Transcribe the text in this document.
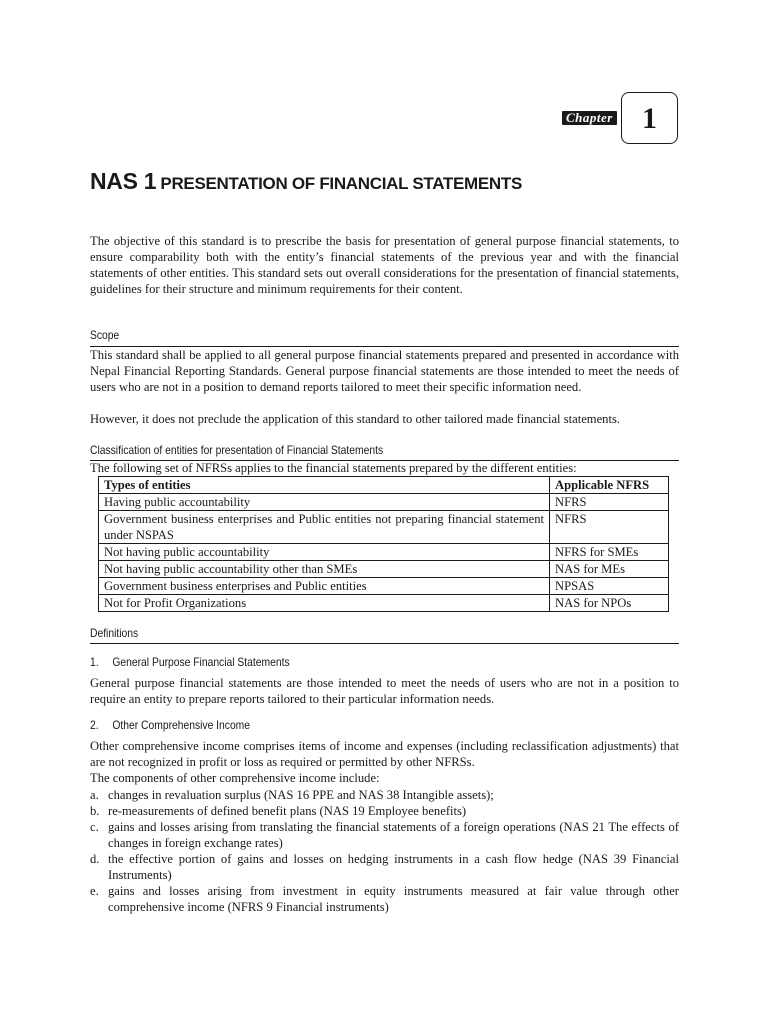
Chapter 1
NAS 1 PRESENTATION OF FINANCIAL STATEMENTS
The objective of this standard is to prescribe the basis for presentation of general purpose financial statements, to ensure comparability both with the entity’s financial statements of the previous year and with the financial statements of other entities. This standard sets out overall considerations for the presentation of financial statements, guidelines for their structure and minimum requirements for their content.
Scope
This standard shall be applied to all general purpose financial statements prepared and presented in accordance with Nepal Financial Reporting Standards. General purpose financial statements are those intended to meet the needs of users who are not in a position to demand reports tailored to meet their specific information need.
However, it does not preclude the application of this standard to other tailored made financial statements.
Classification of entities for presentation of Financial Statements
The following set of NFRSs applies to the financial statements prepared by the different entities:
Types of entities	Applicable NFRS
Having public accountability	NFRS
Government business enterprises and Public entities not preparing financial statement under NSPAS	NFRS
Not having public accountability	NFRS for SMEs
Not having public accountability other than SMEs	NAS for MEs
Government business enterprises and Public entities	NPSAS
Not for Profit Organizations	NAS for NPOs
Definitions
1. General Purpose Financial Statements
General purpose financial statements are those intended to meet the needs of users who are not in a position to require an entity to prepare reports tailored to their particular information needs.
2. Other Comprehensive Income
Other comprehensive income comprises items of income and expenses (including reclassification adjustments) that are not recognized in profit or loss as required or permitted by other NFRSs.
The components of other comprehensive income include:
a. changes in revaluation surplus (NAS 16 PPE and NAS 38 Intangible assets);
b. re-measurements of defined benefit plans (NAS 19 Employee benefits)
c. gains and losses arising from translating the financial statements of a foreign operations (NAS 21 The effects of changes in foreign exchange rates)
d. the effective portion of gains and losses on hedging instruments in a cash flow hedge (NAS 39 Financial Instruments)
e. gains and losses arising from investment in equity instruments measured at fair value through other comprehensive income (NFRS 9 Financial instruments)
